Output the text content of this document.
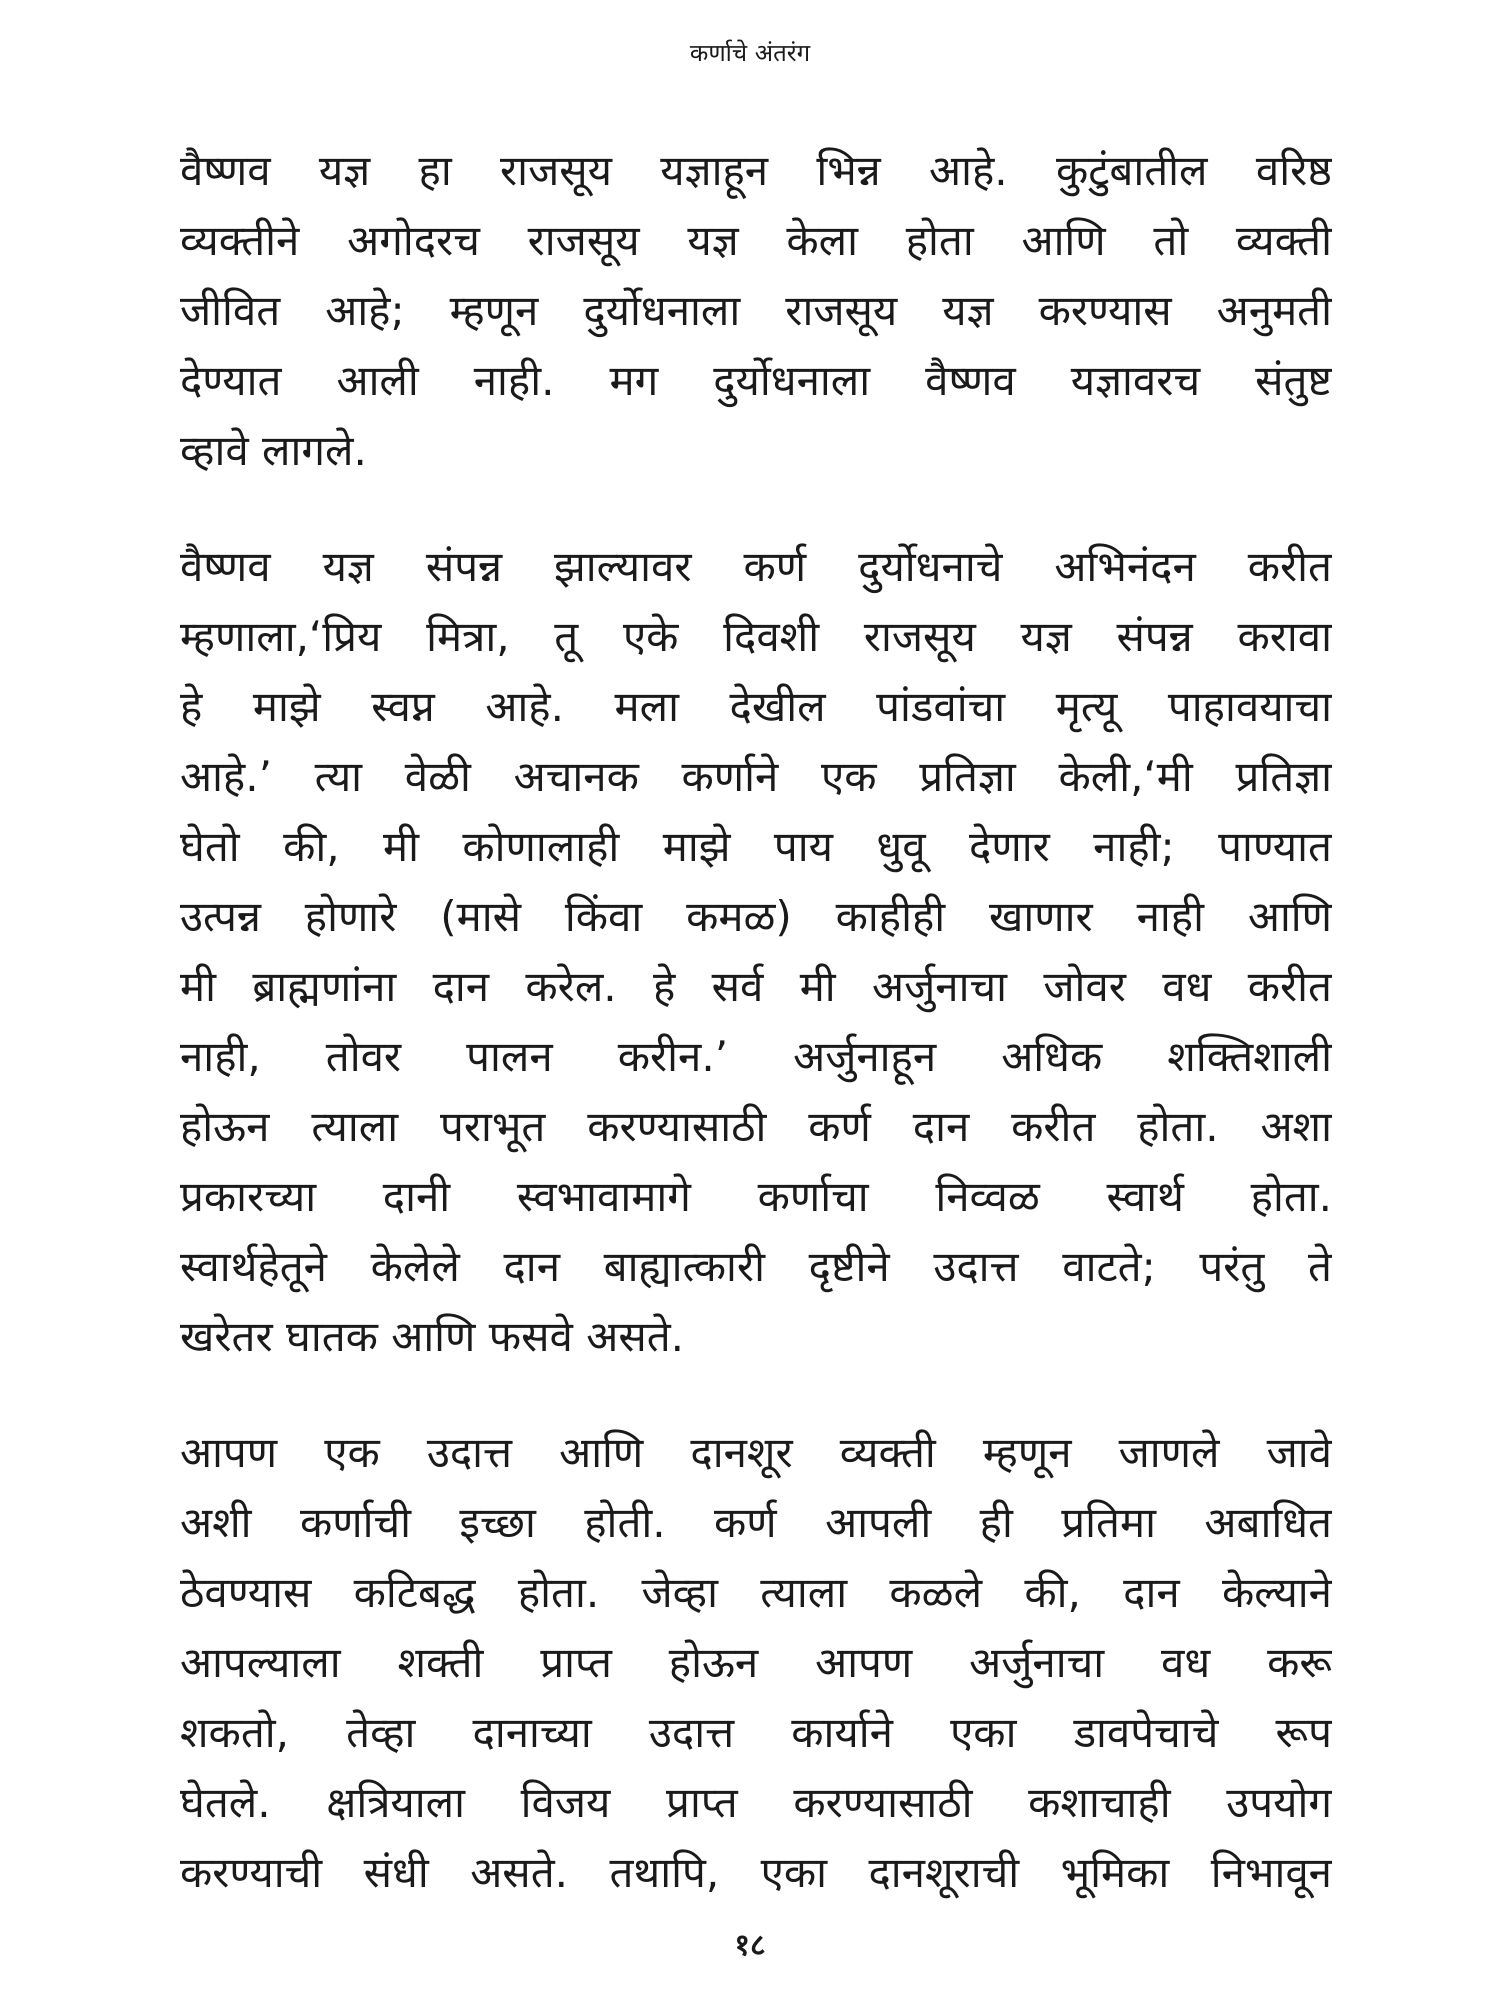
कर्णाचे अंतरंग
वैष्णव यज्ञ हा राजसूय यज्ञाहून भिन्न आहे. कुटुंबातील वरिष्ठ
व्यक्तीने अगोदरच राजसूय यज्ञ केला होता आणि तो व्यक्ती
जीवित आहे; म्हणून दुर्योधनाला राजसूय यज्ञ करण्यास अनुमती
देण्यात आली नाही. मग दुर्योधनाला वैष्णव यज्ञावरच संतुष्ट
व्हावे लागले.
वैष्णव यज्ञ संपन्न झाल्यावर कर्ण दुर्योधनाचे अभिनंदन करीत
म्हणाला,‘प्रिय मित्रा, तू एके दिवशी राजसूय यज्ञ संपन्न करावा
हे माझे स्वप्न आहे. मला देखील पांडवांचा मृत्यू पाहावयाचा
आहे.’ त्या वेळी अचानक कर्णाने एक प्रतिज्ञा केली,‘मी प्रतिज्ञा
घेतो की, मी कोणालाही माझे पाय धुवू देणार नाही; पाण्यात
उत्पन्न होणारे (मासे किंवा कमळ) काहीही खाणार नाही आणि
मी ब्राह्मणांना दान करेल. हे सर्व मी अर्जुनाचा जोवर वध करीत
नाही, तोवर पालन करीन.’ अर्जुनाहून अधिक शक्तिशाली
होऊन त्याला पराभूत करण्यासाठी कर्ण दान करीत होता. अशा
प्रकारच्या दानी स्वभावामागे कर्णाचा निव्वळ स्वार्थ होता.
स्वार्थहेतूने केलेले दान बाह्यात्कारी दृष्टीने उदात्त वाटते; परंतु ते
खरेतर घातक आणि फसवे असते.
आपण एक उदात्त आणि दानशूर व्यक्ती म्हणून जाणले जावे
अशी कर्णाची इच्छा होती. कर्ण आपली ही प्रतिमा अबाधित
ठेवण्यास कटिबद्ध होता. जेव्हा त्याला कळले की, दान केल्याने
आपल्याला शक्ती प्राप्त होऊन आपण अर्जुनाचा वध करू
शकतो, तेव्हा दानाच्या उदात्त कार्याने एका डावपेचाचे रूप
घेतले. क्षत्रियाला विजय प्राप्त करण्यासाठी कशाचाही उपयोग
करण्याची संधी असते. तथापि, एका दानशूराची भूमिका निभावून
१८
